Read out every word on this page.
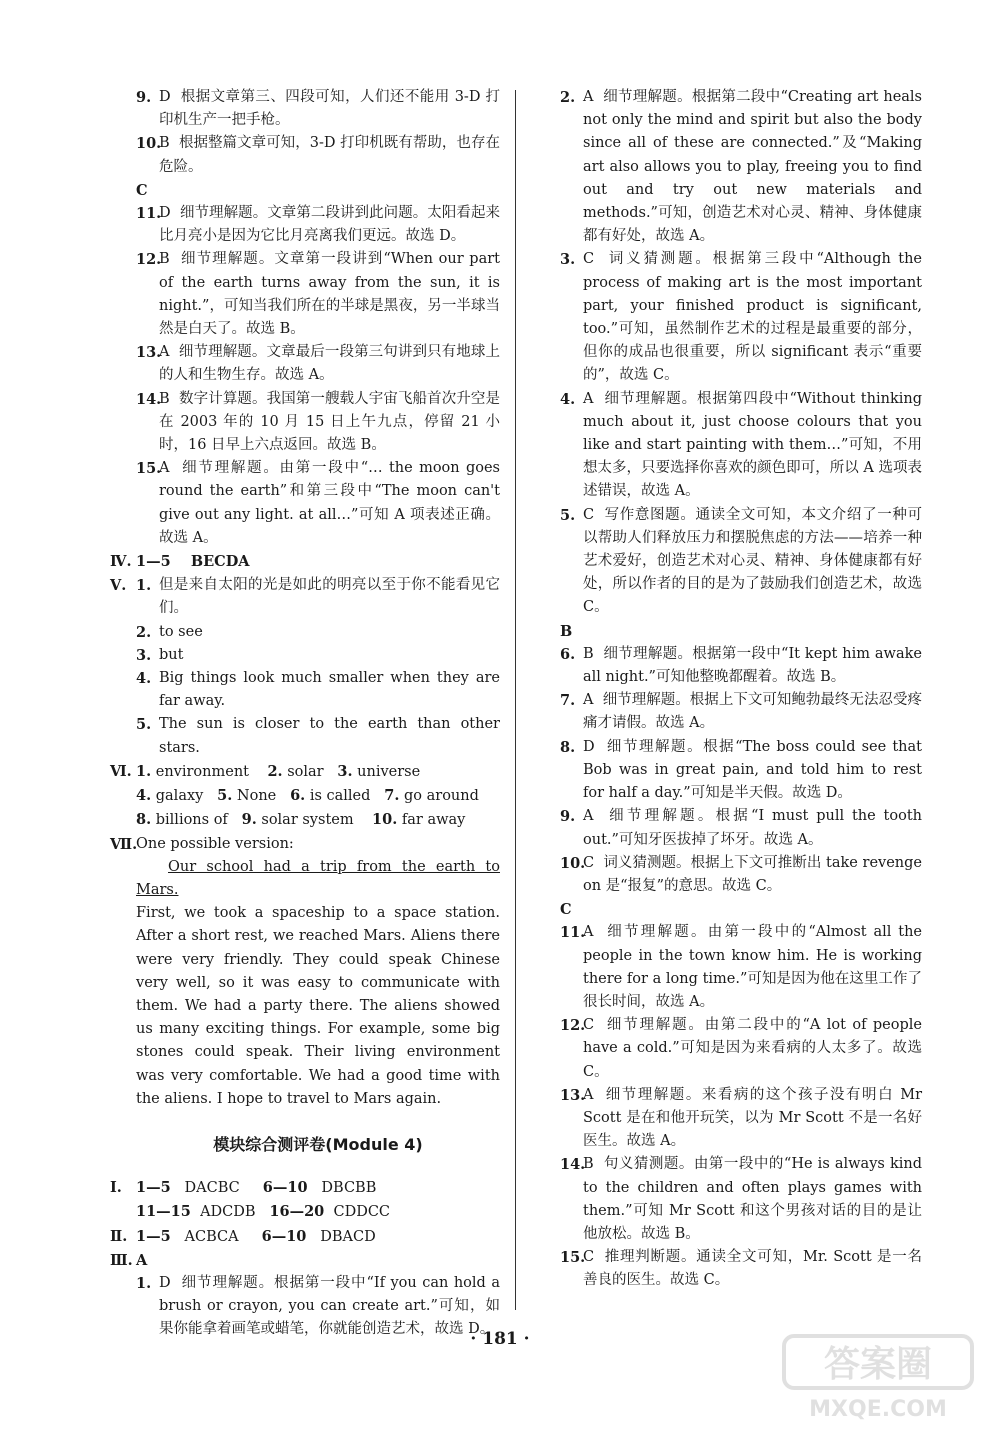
9. D  根据文章第三、四段可知，人们还不能用 3-D 打印机生产一把手枪。
10.
B  根据整篇文章可知，3-D 打印机既有帮助，也存在危险。
C
11.
D  细节理解题。文章第二段讲到此问题。太阳看起来比月亮小是因为它比月亮离我们更远。故选 D。
12.
B  细节理解题。文章第一段讲到“When our part of the earth turns away from the sun, it is night.”，可知当我们所在的半球是黑夜，另一半球当然是白天了。故选 B。
13.
A  细节理解题。文章最后一段第三句讲到只有地球上的人和生物生存。故选 A。
14.
B  数字计算题。我国第一艘载人宇宙飞船首次升空是在 2003 年的 10 月 15 日上午九点，停留 21 小时，16 日早上六点返回。故选 B。
15.
A  细节理解题。由第一段中“… the moon goes round the earth”和第三段中“The moon can't give out any light. at all…”可知 A 项表述正确。故选 A。
Ⅳ. 1—5    BECDA
Ⅴ. 1. 但是来自太阳的光是如此的明亮以至于你不能看见它们。
2. to see
3. but
4. Big things look much smaller when they are far away.
5. The sun is closer to the earth than other stars.
Ⅵ. 1. environment 2. solar 3. universe
4. galaxy 5. None 6. is called 7. go around
8. billions of 9. solar system 10. far away
Ⅶ.
One possible version:
Our school had a trip from the earth to Mars.
First, we took a spaceship to a space station. After a short rest, we reached Mars. Aliens there were very friendly. They could speak Chinese very well, so it was easy to communicate with them. We had a party there. The aliens showed us many exciting things. For example, some big stones could speak. Their living environment was very comfortable. We had a good time with the aliens. I hope to travel to Mars again.
模块综合测评卷(Module 4)
Ⅰ. 1—5 DACBC 6—10 DBCBB
11—15 ADCDB 16—20 CDDCC
Ⅱ. 1—5 ACBCA 6—10 DBACD
Ⅲ. A
1. D  细节理解题。根据第一段中“If you can hold a brush or crayon, you can create art.”可知，如果你能拿着画笔或蜡笔，你就能创造艺术，故选 D。
2. A  细节理解题。根据第二段中“Creating art heals not only the mind and spirit but also the body since all of these are connected.”及“Making art also allows you to play, freeing you to find out and try out new materials and methods.”可知，创造艺术对心灵、精神、身体健康都有好处，故选 A。
3. C  词义猜测题。根据第三段中“Although the process of making art is the most important part, your finished product is significant, too.”可知，虽然制作艺术的过程是最重要的部分，但你的成品也很重要，所以 significant 表示“重要的”，故选 C。
4. A  细节理解题。根据第四段中“Without thinking much about it, just choose colours that you like and start painting with them…”可知，不用想太多，只要选择你喜欢的颜色即可，所以 A 选项表述错误，故选 A。
5. C  写作意图题。通读全文可知，本文介绍了一种可以帮助人们释放压力和摆脱焦虑的方法——培养一种艺术爱好，创造艺术对心灵、精神、身体健康都有好处，所以作者的目的是为了鼓励我们创造艺术，故选 C。
B
6. B  细节理解题。根据第一段中“It kept him awake all night.”可知他整晚都醒着。故选 B。
7. A  细节理解题。根据上下文可知鲍勃最终无法忍受疼痛才请假。故选 A。
8. D  细节理解题。根据“The boss could see that Bob was in great pain, and told him to rest for half a day.”可知是半天假。故选 D。
9. A  细节理解题。根据“I must pull the tooth out.”可知牙医拔掉了坏牙。故选 A。
10.
C  词义猜测题。根据上下文可推断出 take revenge on 是“报复”的意思。故选 C。
C
11.
A  细节理解题。由第一段中的“Almost all the people in the town know him. He is working there for a long time.”可知是因为他在这里工作了很长时间，故选 A。
12.
C  细节理解题。由第二段中的“A lot of people have a cold.”可知是因为来看病的人太多了。故选 C。
13.
A  细节理解题。来看病的这个孩子没有明白 Mr Scott 是在和他开玩笑，以为 Mr Scott 不是一名好医生。故选 A。
14.
B  句义猜测题。由第一段中的“He is always kind to the children and often plays games with them.”可知 Mr Scott 和这个男孩对话的目的是让他放松。故选 B。
15.
C  推理判断题。通读全文可知，Mr. Scott 是一名善良的医生。故选 C。
· 181 ·
答案圈
MXQE.COM
